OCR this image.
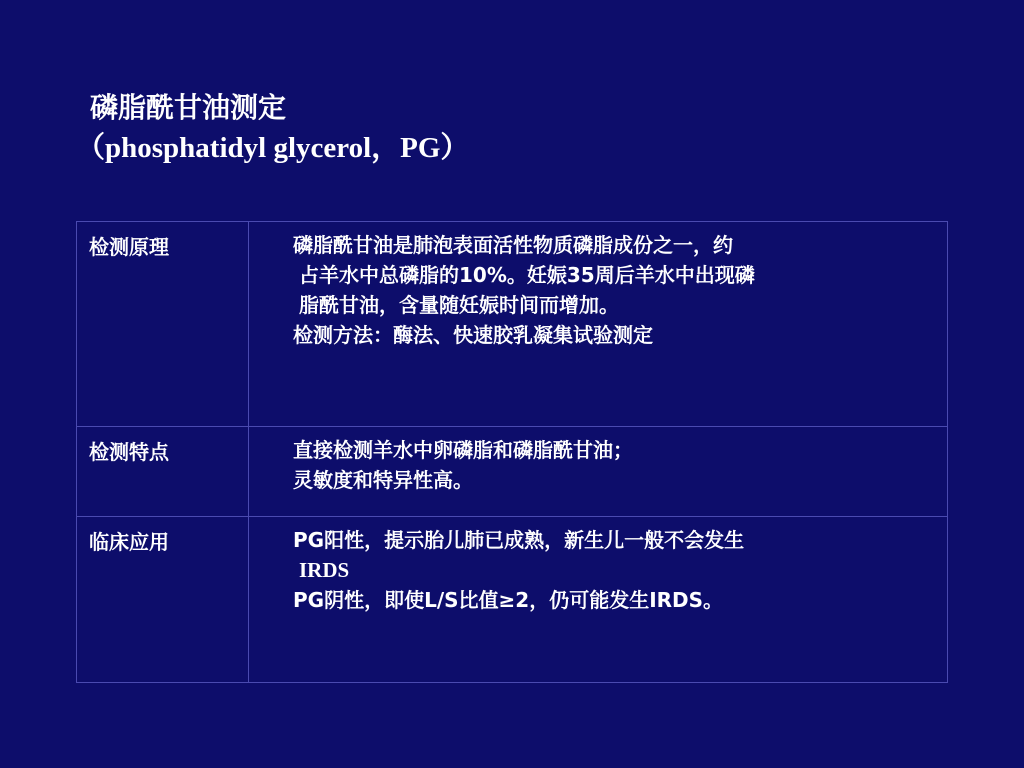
磷脂酰甘油测定
（phosphatidyl glycerol，PG）
检测原理	磷脂酰甘油是肺泡表面活性物质磷脂成份之一，约
占羊水中总磷脂的10%。妊娠35周后羊水中出现磷
脂酰甘油，含量随妊娠时间而增加。
检测方法：酶法、快速胶乳凝集试验测定

检测特点	直接检测羊水中卵磷脂和磷脂酰甘油；
灵敏度和特异性高。

临床应用	PG阳性，提示胎儿肺已成熟，新生儿一般不会发生
IRDS
PG阴性，即使L/S比值≥2，仍可能发生IRDS。
